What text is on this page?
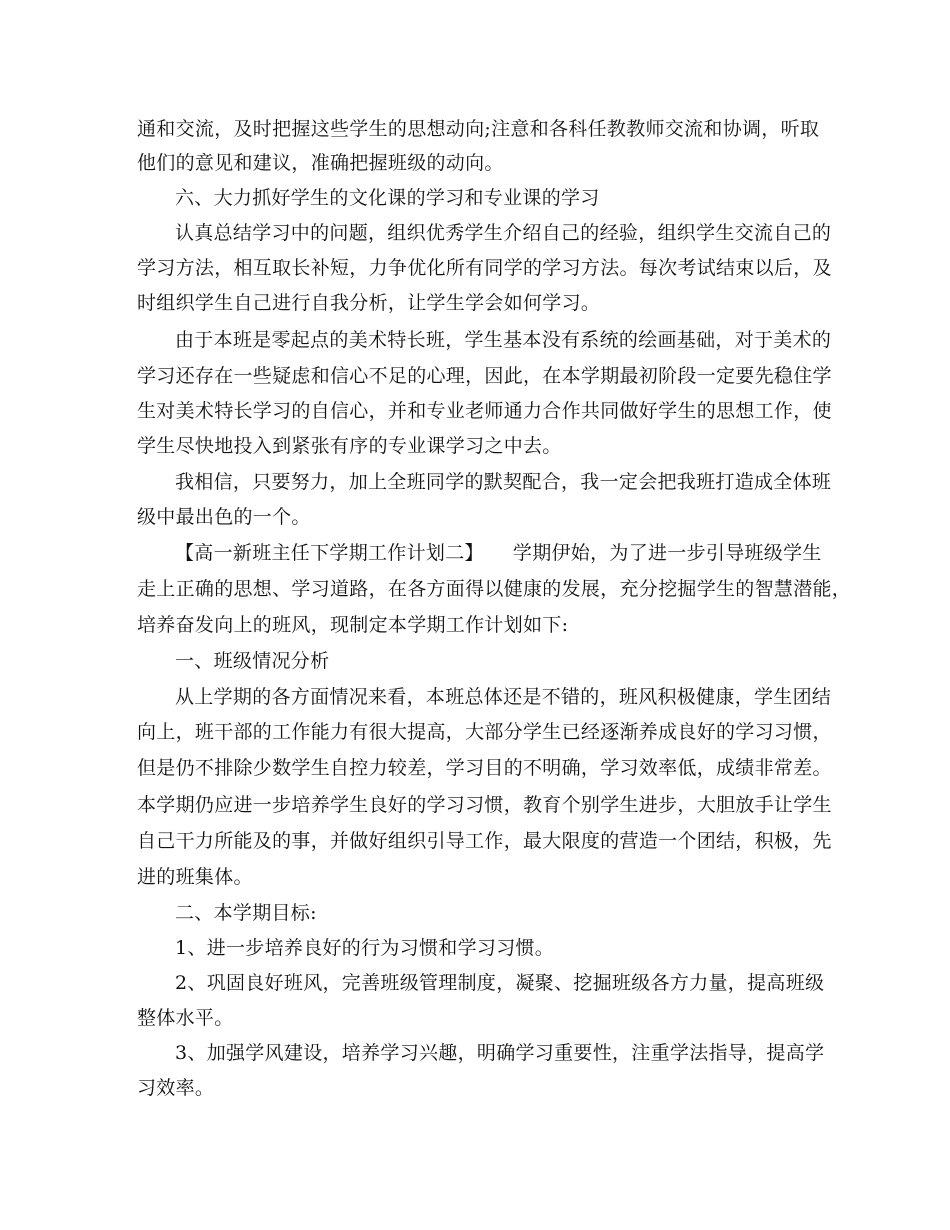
通和交流，及时把握这些学生的思想动向;注意和各科任教教师交流和协调，听取
他们的意见和建议，准确把握班级的动向。
六、大力抓好学生的文化课的学习和专业课的学习
认真总结学习中的问题，组织优秀学生介绍自己的经验，组织学生交流自己的
学习方法，相互取长补短，力争优化所有同学的学习方法。每次考试结束以后，及
时组织学生自己进行自我分析，让学生学会如何学习。
由于本班是零起点的美术特长班，学生基本没有系统的绘画基础，对于美术的
学习还存在一些疑虑和信心不足的心理，因此，在本学期最初阶段一定要先稳住学
生对美术特长学习的自信心，并和专业老师通力合作共同做好学生的思想工作，使
学生尽快地投入到紧张有序的专业课学习之中去。
我相信，只要努力，加上全班同学的默契配合，我一定会把我班打造成全体班
级中最出色的一个。
【高一新班主任下学期工作计划二】　　学期伊始，为了进一步引导班级学生
走上正确的思想、学习道路，在各方面得以健康的发展，充分挖掘学生的智慧潜能，
培养奋发向上的班风，现制定本学期工作计划如下:
一、班级情况分析
从上学期的各方面情况来看，本班总体还是不错的，班风积极健康，学生团结
向上，班干部的工作能力有很大提高，大部分学生已经逐渐养成良好的学习习惯，
但是仍不排除少数学生自控力较差，学习目的不明确，学习效率低，成绩非常差。
本学期仍应进一步培养学生良好的学习习惯，教育个别学生进步，大胆放手让学生
自己干力所能及的事，并做好组织引导工作，最大限度的营造一个团结，积极，先
进的班集体。
二、本学期目标:
1、进一步培养良好的行为习惯和学习习惯。
2、巩固良好班风，完善班级管理制度，凝聚、挖掘班级各方力量，提高班级
整体水平。
3、加强学风建设，培养学习兴趣，明确学习重要性，注重学法指导，提高学
习效率。
